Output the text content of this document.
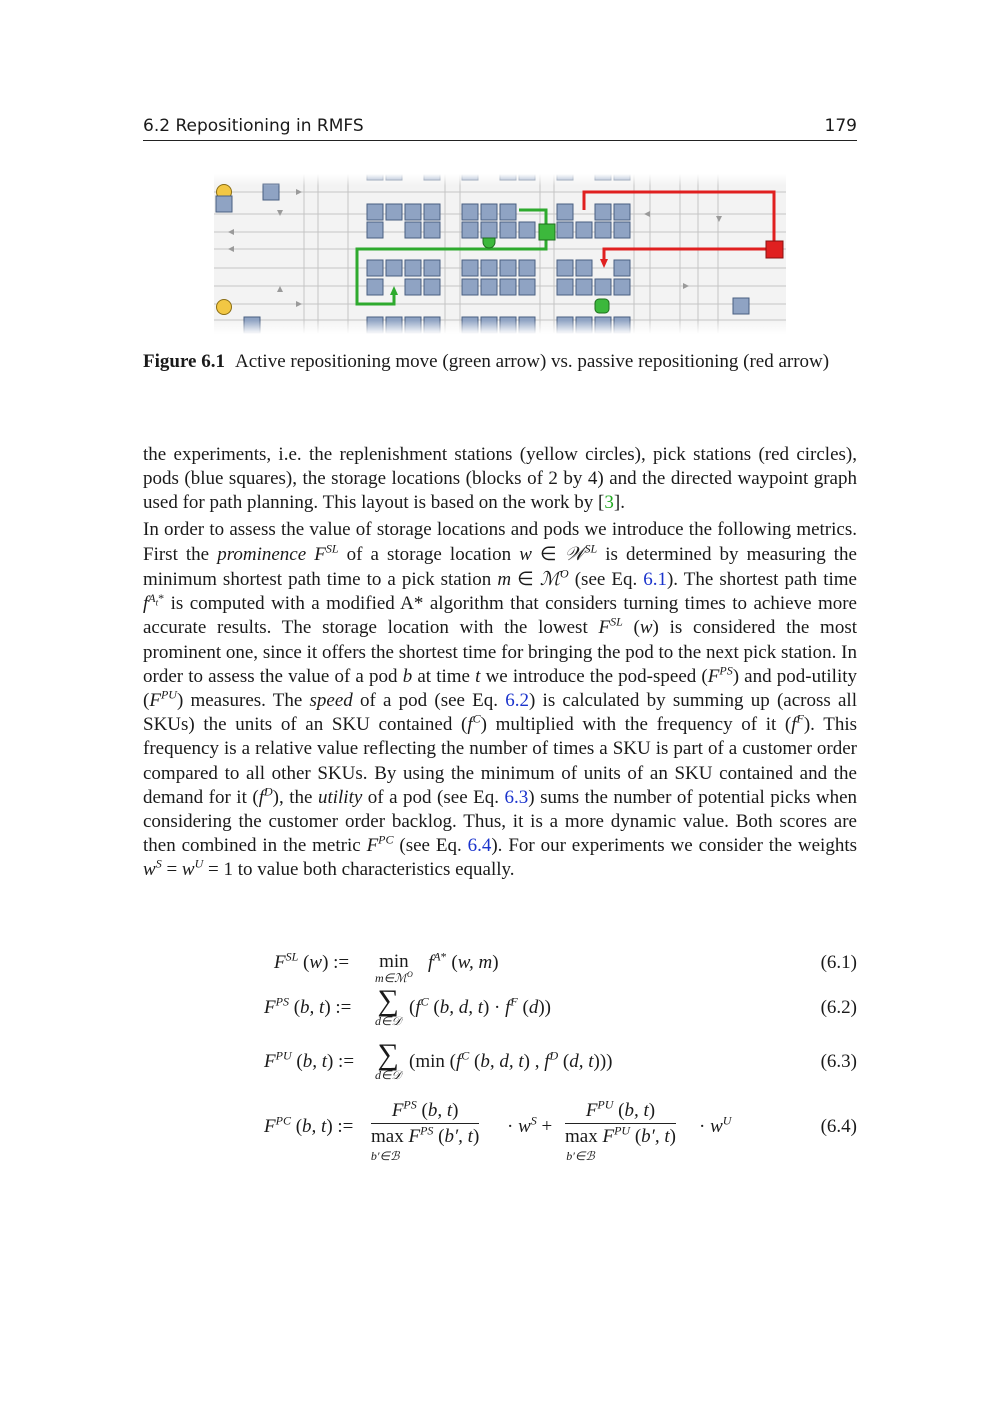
6.2 Repositioning in RMFS	179
Figure 6.1 Active repositioning move (green arrow) vs. passive repositioning (red arrow)

the experiments, i.e. the replenishment stations (yellow circles), pick stations (red circles), pods (blue squares), the storage locations (blocks of 2 by 4) and the directed waypoint graph used for path planning. This layout is based on the work by [3].

In order to assess the value of storage locations and pods we introduce the following metrics. First the prominence $F^{SL}$ of a storage location w ∈ 𝒲$^{SL}$ is determined by measuring the minimum shortest path time to a pick station m ∈ ℳ$^O$ (see Eq. 6.1). The shortest path time $f^{A_t*}$ is computed with a modified A* algorithm that considers turning times to achieve more accurate results. The storage location with the lowest $F^{SL}$ (w) is considered the most prominent one, since it offers the shortest time for bringing the pod to the next pick station. In order to assess the value of a pod b at time t we introduce the pod-speed $(F^{PS})$ and pod-utility $(F^{PU})$ measures. The speed of a pod (see Eq. 6.2) is calculated by summing up (across all SKUs) the units of an SKU contained $(f^C)$ multiplied with the frequency of it $(f^F)$. This frequency is a relative value reflecting the number of times a SKU is part of a customer order compared to all other SKUs. By using the minimum of units of an SKU contained and the demand for it $(f^D)$, the utility of a pod (see Eq. 6.3) sums the number of potential picks when considering the customer order backlog. Thus, it is a more dynamic value. Both scores are then combined in the metric $F^{PC}$ (see Eq. 6.4). For our experiments we consider the weights $w^S = w^U = 1$ to value both characteristics equally.

$F^{SL}$ (w) := min
m∈ℳ$^O$
$f^{A*}$ (w, m)	(6.1)
$F^{PS}$ (b, t) := ∑
d∈𝒟
($f^C$ (b, d, $t) \cdot f^F$ (d))	(6.2)
$F^{PU}$ (b, t) := ∑
d∈𝒟
(min ($f^C$ (b, d, t) , $f^D$ (d, t)))	(6.3)
$F^{PC}$ (b, t) :=
$F^{PS}$ (b, t)
$\max F^{PS}$ (b′, t)
$^{b'\in ℬ}$
· $w^S$ +
$F^{PU}$ (b, t)
$\max F^{PU}$ (b′, t)
$^{b'\in ℬ}$
· $w^U$	(6.4)
